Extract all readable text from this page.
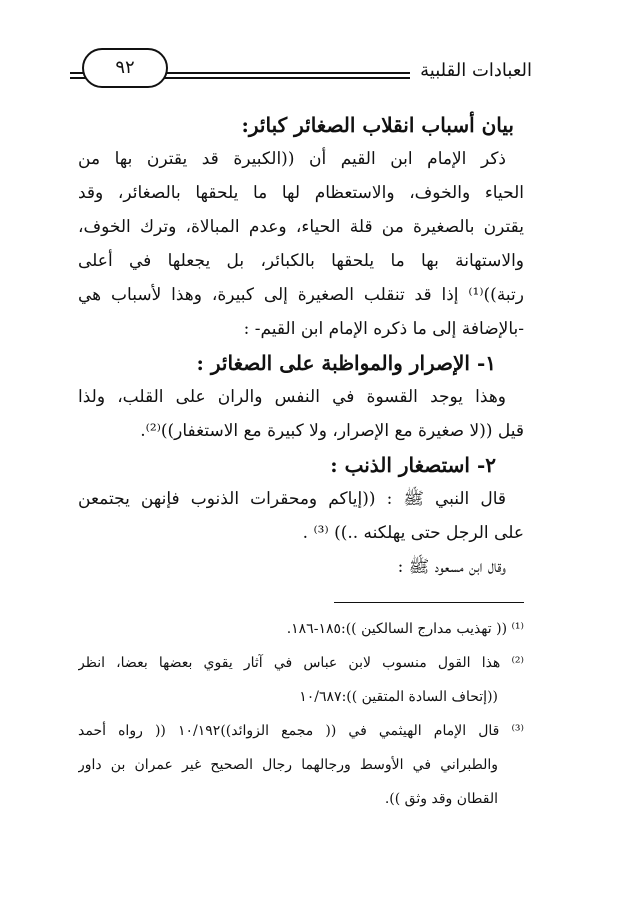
٩٢	العبادات القلبية
بيان أسباب انقلاب الصغائر كبائر:
ذكر الإمام ابن القيم أن ((الكبيرة قد يقترن بها من
الحياء والخوف، والاستعظام لها ما يلحقها بالصغائر، وقد
يقترن بالصغيرة من قلة الحياء، وعدم المبالاة، وترك الخوف،
والاستهانة بها ما يلحقها بالكبائر، بل يجعلها في أعلى
رتبة))⁽¹⁾ إذا قد تنقلب الصغيرة إلى كبيرة، وهذا لأسباب هي
-بالإضافة إلى ما ذكره الإمام ابن القيم- :
١- الإصرار والمواظبة على الصغائر :
وهذا يوجد القسوة في النفس والران على القلب، ولذا
قيل ((لا صغيرة مع الإصرار، ولا كبيرة مع الاستغفار))⁽²⁾.
٢- استصغار الذنب :
قال النبي ﷺ : ((إياكم ومحقرات الذنوب فإنهن يجتمعن
على الرجل حتى يهلكنه ..)) ⁽³⁾ .
وقال ابن مسعود ﷺ :
⁽¹⁾ (( تهذيب مدارج السالكين )):١٨٥-١٨٦.
⁽²⁾ هذا القول منسوب لابن عباس في آثار يقوي بعضها بعضا، انظر
((إتحاف السادة المتقين )):١٠/٦٨٧
⁽³⁾ قال الإمام الهيثمي في (( مجمع الزوائد))١٠/١٩٢ (( رواه أحمد
والطبراني في الأوسط ورجالهما رجال الصحيح غير عمران بن داور
القطان وقد وثق )).
